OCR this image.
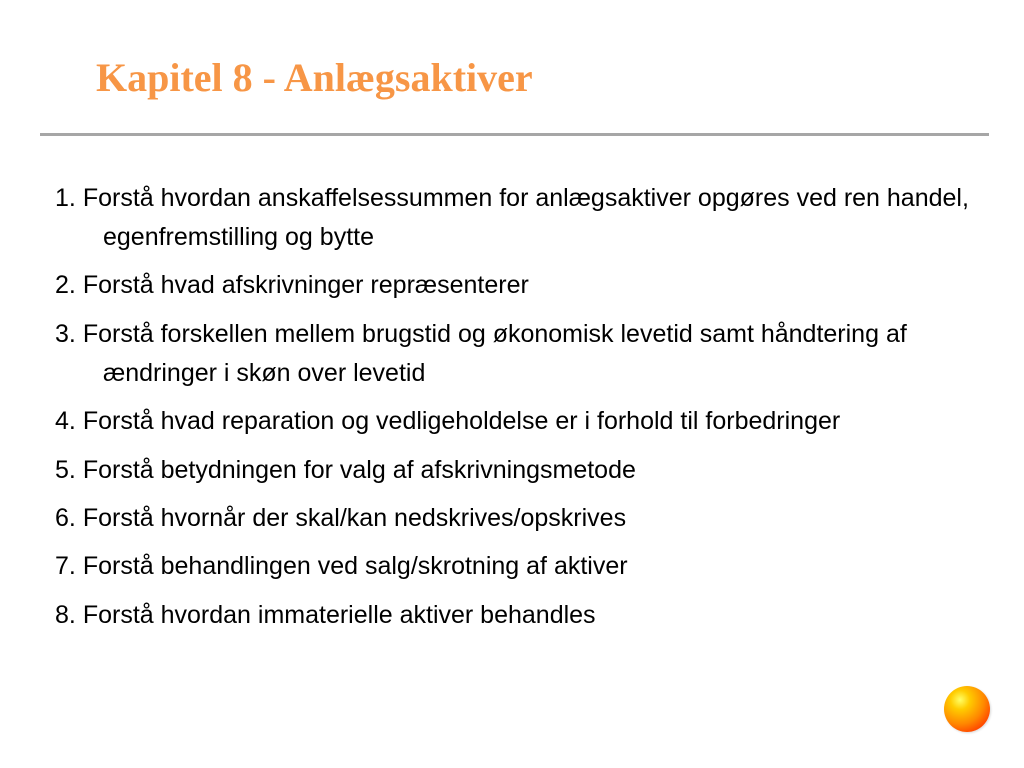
Kapitel 8 - Anlægsaktiver
1. Forstå hvordan anskaffelsessummen for anlægsaktiver opgøres ved ren handel, egenfremstilling og bytte
2. Forstå hvad afskrivninger repræsenterer
3. Forstå forskellen mellem brugstid og økonomisk levetid samt håndtering af ændringer i skøn over levetid
4. Forstå hvad reparation og vedligeholdelse er i forhold til forbedringer
5. Forstå betydningen for valg af afskrivningsmetode
6. Forstå hvornår der skal/kan nedskrives/opskrives
7. Forstå behandlingen ved salg/skrotning af aktiver
8. Forstå hvordan immaterielle aktiver behandles
